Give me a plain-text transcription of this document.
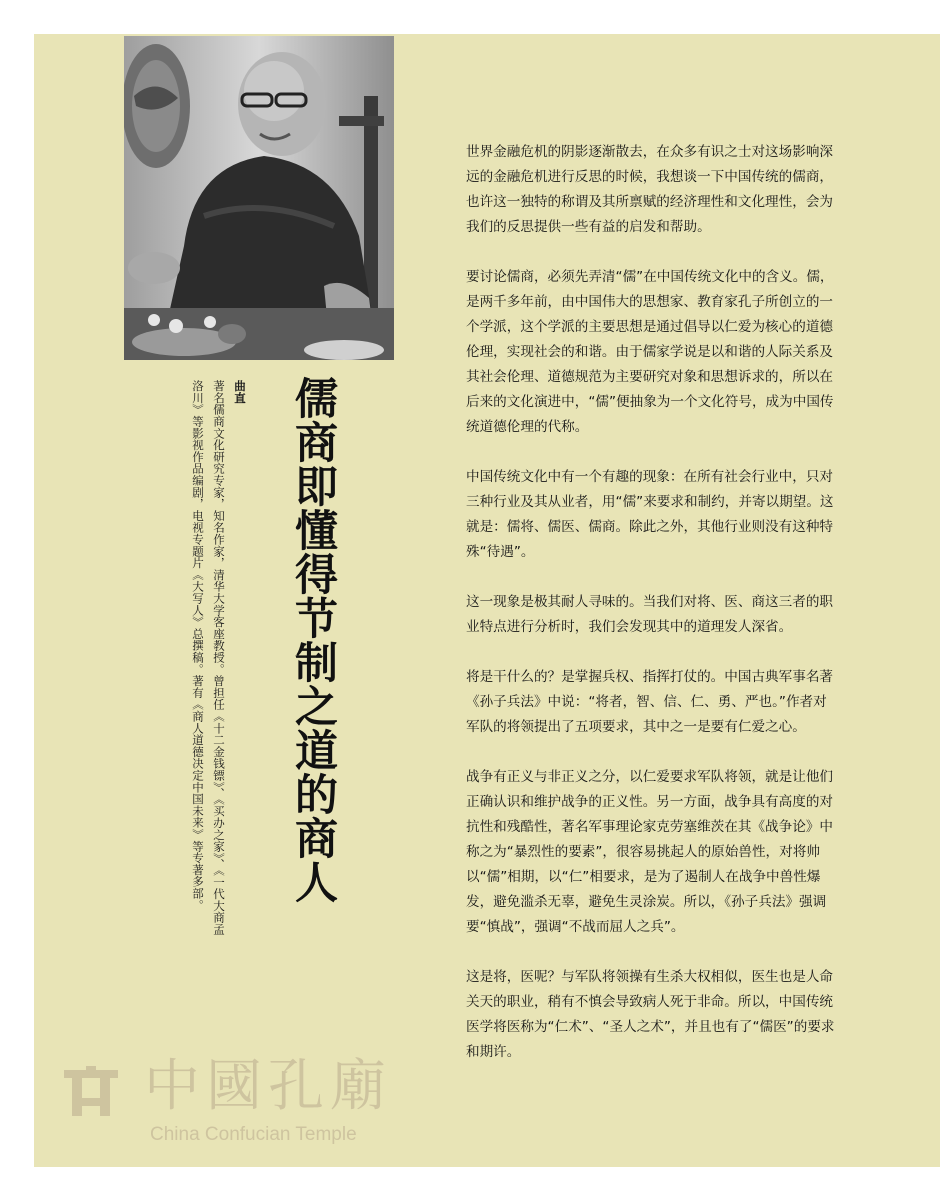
儒商即懂得节制之道的商人
曲直
著名儒商文化研究专家，知名作家，清华大学客座教授。曾担任《十二金钱镖》、《买办之家》、《一代大商孟洛川》等影视作品编剧，电视专题片《大写人》总撰稿。著有《商人道德决定中国未来》等专著多部。

世界金融危机的阴影逐渐散去，在众多有识之士对这场影响深远的金融危机进行反思的时候，我想谈一下中国传统的儒商，也许这一独特的称谓及其所禀赋的经济理性和文化理性，会为我们的反思提供一些有益的启发和帮助。

要讨论儒商，必须先弄清“儒”在中国传统文化中的含义。儒，是两千多年前，由中国伟大的思想家、教育家孔子所创立的一个学派，这个学派的主要思想是通过倡导以仁爱为核心的道德伦理，实现社会的和谐。由于儒家学说是以和谐的人际关系及其社会伦理、道德规范为主要研究对象和思想诉求的，所以在后来的文化演进中，“儒”便抽象为一个文化符号，成为中国传统道德伦理的代称。

中国传统文化中有一个有趣的现象：在所有社会行业中，只对三种行业及其从业者，用“儒”来要求和制约，并寄以期望。这就是：儒将、儒医、儒商。除此之外，其他行业则没有这种特殊“待遇”。

这一现象是极其耐人寻味的。当我们对将、医、商这三者的职业特点进行分析时，我们会发现其中的道理发人深省。

将是干什么的？是掌握兵权、指挥打仗的。中国古典军事名著《孙子兵法》中说：“将者，智、信、仁、勇、严也。”作者对军队的将领提出了五项要求，其中之一是要有仁爱之心。

战争有正义与非正义之分，以仁爱要求军队将领，就是让他们正确认识和维护战争的正义性。另一方面，战争具有高度的对抗性和残酷性，著名军事理论家克劳塞维茨在其《战争论》中称之为“暴烈性的要素”，很容易挑起人的原始兽性，对将帅以“儒”相期，以“仁”相要求，是为了遏制人在战争中兽性爆发，避免滥杀无辜，避免生灵涂炭。所以，《孙子兵法》强调要“慎战”，强调“不战而屈人之兵”。

这是将，医呢？与军队将领操有生杀大权相似，医生也是人命关天的职业，稍有不慎会导致病人死于非命。所以，中国传统医学将医称为“仁术”、“圣人之术”，并且也有了“儒医”的要求和期许。

中國孔廟
China Confucian Temple
